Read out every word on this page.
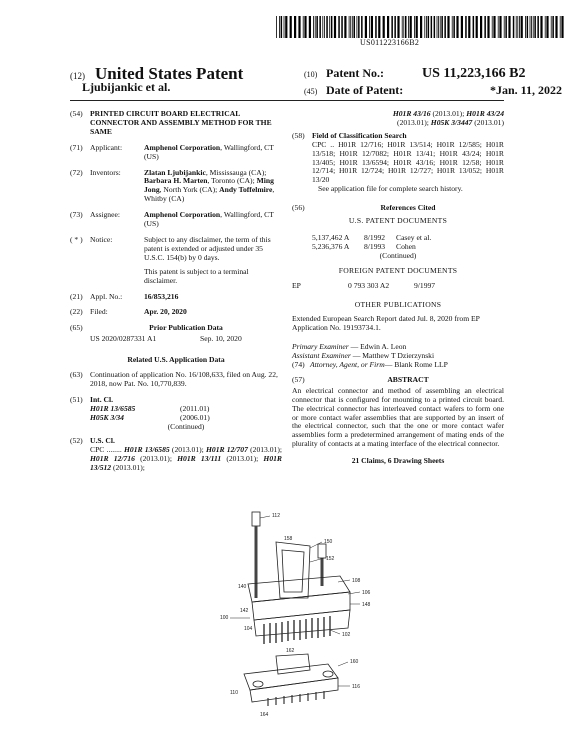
US011223166B2
(12) United States Patent
Ljubijankic et al.
(10) Patent No.:	US 11,223,166 B2
(45) Date of Patent:	*Jan. 11, 2022
(54) PRINTED CIRCUIT BOARD ELECTRICAL CONNECTOR AND ASSEMBLY METHOD FOR THE SAME
(71) Applicant:	Amphenol Corporation, Wallingford, CT (US)
(72) Inventors:	Zlatan Ljubijankic, Mississauga (CA); Barbara H. Marten, Toronto (CA); Ming Jong, North York (CA); Andy Toffelmire, Whitby (CA)
(73) Assignee:	Amphenol Corporation, Wallingford, CT (US)
( * ) Notice:	Subject to any disclaimer, the term of this patent is extended or adjusted under 35 U.S.C. 154(b) by 0 days.

This patent is subject to a terminal disclaimer.
(21) Appl. No.:	16/853,216
(22) Filed:	Apr. 20, 2020
(65)	Prior Publication Data
US 2020/0287331 A1	Sep. 10, 2020
Related U.S. Application Data
(63) Continuation of application No. 16/108,633, filed on Aug. 22, 2018, now Pat. No. 10,770,839.
(51) Int. Cl.
H01R 13/6585	(2011.01)
H05K 3/34	(2006.01)
(Continued)
(52) U.S. Cl.
CPC ........ H01R 13/6585 (2013.01); H01R 12/707 (2013.01); H01R 12/716 (2013.01); H01R 13/111 (2013.01); H01R 13/512 (2013.01);
H01R 43/16 (2013.01); H01R 43/24
(2013.01); H05K 3/3447 (2013.01)
(58) Field of Classification Search
CPC .. H01R 12/716; H01R 13/514; H01R 12/585; H01R 13/518; H01R 12/7082; H01R 13/41; H01R 43/24; H01R 13/405; H01R 13/6594; H01R 43/16; H01R 12/58; H01R 12/714; H01R 12/724; H01R 12/727; H01R 13/052; H01R 13/20
See application file for complete search history.
(56)	References Cited
U.S. PATENT DOCUMENTS
5,137,462 A	8/1992	Casey et al.
5,236,376 A	8/1993	Cohen
(Continued)
FOREIGN PATENT DOCUMENTS
EP	0 793 303 A2	9/1997
OTHER PUBLICATIONS
Extended European Search Report dated Jul. 8, 2020 from EP Application No. 19193734.1.
Primary Examiner — Edwin A. Leon
Assistant Examiner — Matthew T Dzierzynski
(74) Attorney, Agent, or Firm — Blank Rome LLP
(57)	ABSTRACT
An electrical connector and method of assembling an electrical connector that is configured for mounting to a printed circuit board. The electrical connector has interleaved contact wafers to form one or more contact wafer assemblies that are supported by an insert of the electrical connector, such that the one or more contact wafer assemblies form a predetermined arrangement of mating ends of the plurality of contacts at a mating interface of the electrical connector.
21 Claims, 6 Drawing Sheets
112
158	150
108
106
152
140
148
142
102
104
100
162
160
116
110
164
